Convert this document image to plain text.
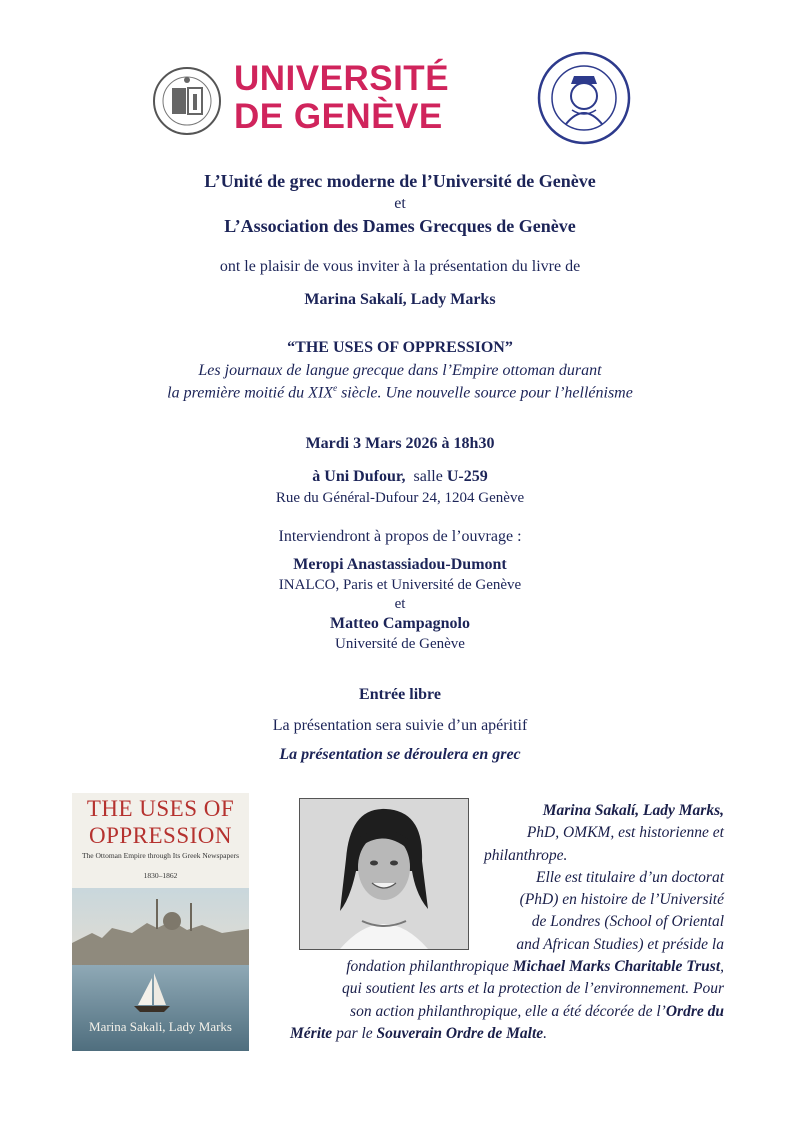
UNIVERSITÉ
DE GENÈVE
L’Unité de grec moderne de l’Université de Genève
et
L’Association des Dames Grecques de Genève
ont le plaisir de vous inviter à la présentation du livre de
Marina Sakalí, Lady Marks
“THE USES OF OPPRESSION”
Les journaux de langue grecque dans l’Empire ottoman durant
la première moitié du XIXe siècle. Une nouvelle source pour l’hellénisme
Mardi 3 Mars 2026 à 18h30
à Uni Dufour, salle U-259
Rue du Général-Dufour 24, 1204 Genève
Interviendront à propos de l’ouvrage :
Meropi Anastassiadou-Dumont
INALCO, Paris et Université de Genève
et
Matteo Campagnolo
Université de Genève
Entrée libre
La présentation sera suivie d’un apéritif
La présentation se déroulera en grec
THE USES OF
OPPRESSION
The Ottoman Empire through Its Greek Newspapers
1830–1862
Marina Sakali, Lady Marks
Marina Sakalí, Lady Marks,
PhD, OMKM, est historienne et
philanthrope.
Elle est titulaire d’un doctorat
(PhD) en histoire de l’Université
de Londres (School of Oriental
and African Studies) et préside la
fondation philanthropique Michael Marks Charitable Trust,
qui soutient les arts et la protection de l’environnement. Pour
son action philanthropique, elle a été décorée de l’Ordre du
Mérite par le Souverain Ordre de Malte.
